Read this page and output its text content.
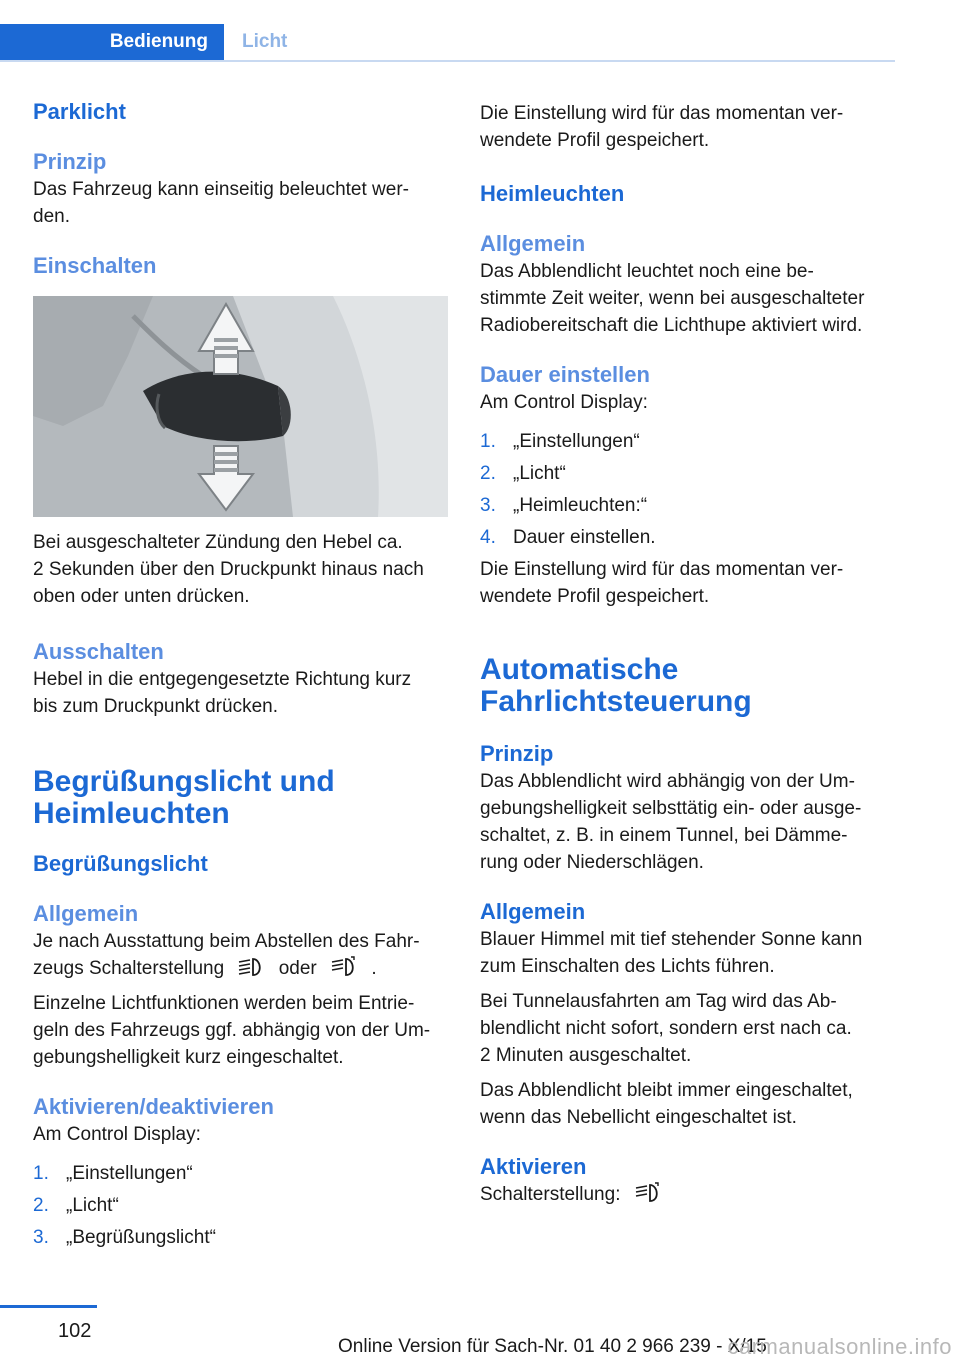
Bedienung	Licht
Parklicht
Prinzip

Das Fahrzeug kann einseitig beleuchtet wer-
den.

Einschalten

Bei ausgeschalteter Zündung den Hebel ca.
2 Sekunden über den Druckpunkt hinaus nach
oben oder unten drücken.

Ausschalten

Hebel in die entgegengesetzte Richtung kurz
bis zum Druckpunkt drücken.

Begrüßungslicht und
Heimleuchten
Begrüßungslicht
Allgemein

Je nach Ausstattung beim Abstellen des Fahr-
zeugs Schalterstellung	oder	.

Einzelne Lichtfunktionen werden beim Entrie-
geln des Fahrzeugs ggf. abhängig von der Um-
gebungshelligkeit kurz eingeschaltet.

Aktivieren/deaktivieren

Am Control Display:

1. „Einstellungen“
2. „Licht“
3. „Begrüßungslicht“

Die Einstellung wird für das momentan ver-
wendete Profil gespeichert.

Heimleuchten
Allgemein

Das Abblendlicht leuchtet noch eine be-
stimmte Zeit weiter, wenn bei ausgeschalteter
Radiobereitschaft die Lichthupe aktiviert wird.

Dauer einstellen

Am Control Display:

1. „Einstellungen“
2. „Licht“
3. „Heimleuchten:“
4. Dauer einstellen.

Die Einstellung wird für das momentan ver-
wendete Profil gespeichert.

Automatische
Fahrlichtsteuerung
Prinzip

Das Abblendlicht wird abhängig von der Um-
gebungshelligkeit selbsttätig ein- oder ausge-
schaltet, z. B. in einem Tunnel, bei Dämme-
rung oder Niederschlägen.

Allgemein

Blauer Himmel mit tief stehender Sonne kann
zum Einschalten des Lichts führen.

Bei Tunnelausfahrten am Tag wird das Ab-
blendlicht nicht sofort, sondern erst nach ca.
2 Minuten ausgeschaltet.

Das Abblendlicht bleibt immer eingeschaltet,
wenn das Nebellicht eingeschaltet ist.

Aktivieren

Schalterstellung:

102
Online Version für Sach-Nr. 01 40 2 966 239 - X/15
carmanualsonline.info
